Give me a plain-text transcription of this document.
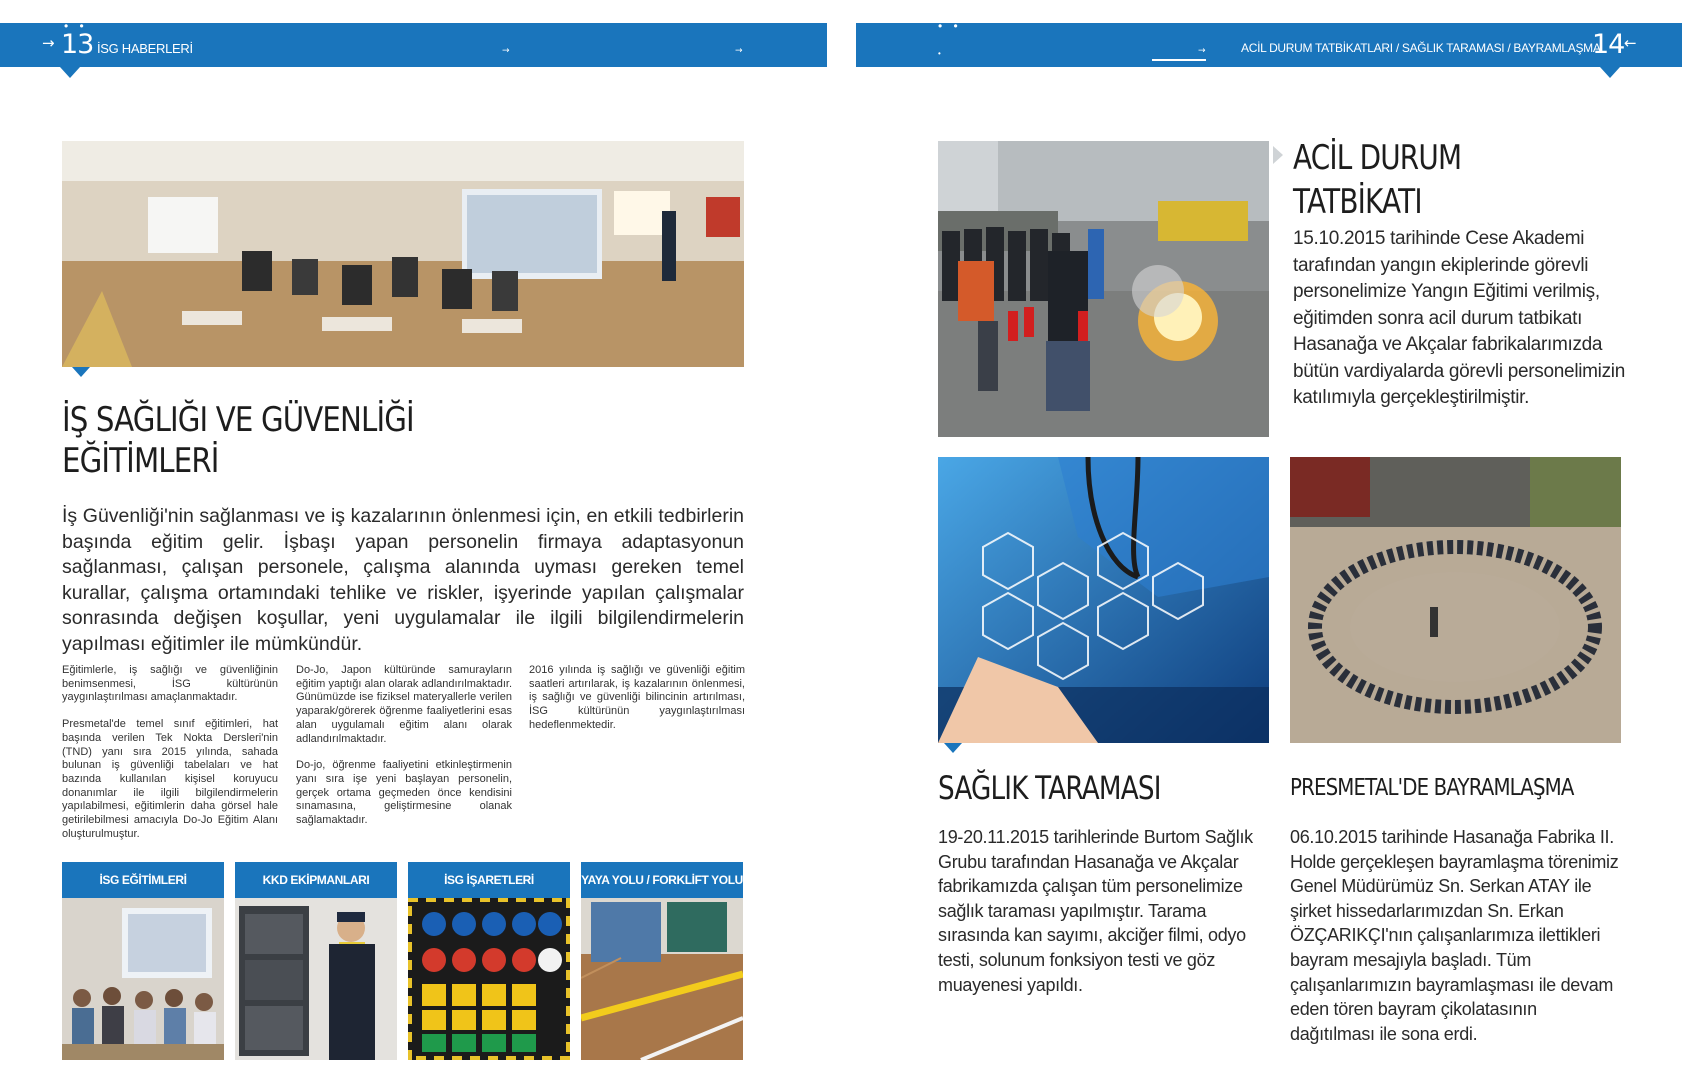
→
• •
13 İSG HABERLERİ	→	→
• •
•	→	ACİL DURUM TATBİKATLARI / SAĞLIK TARAMASI / BAYRAMLAŞMA
14 ←
İŞ SAĞLIĞI VE GÜVENLİĞİ
EĞİTİMLERİ

İş Güvenliği'nin sağlanması ve iş kazalarının önlenmesi için, en etkili tedbirlerin başında eğitim gelir. İşbaşı yapan personelin firmaya adaptasyonun sağlanması, çalışan personele, çalışma alanında uyması gereken temel kurallar, çalışma ortamındaki tehlike ve riskler, işyerinde yapılan çalışmalar sonrasında değişen koşullar, yeni uygulamalar ile ilgili bilgilendirmelerin yapılması eğitimler ile mümkündür.

Eğitimlerle, iş sağlığı ve güvenliğinin benimsenmesi, İSG kültürünün yaygınlaştırılması amaçlanmaktadır.

Presmetal'de temel sınıf eğitimleri, hat başında verilen Tek Nokta Dersleri'nin (TND) yanı sıra 2015 yılında, sahada bulunan iş güvenliği tabelaları ve hat bazında kullanılan kişisel koruyucu donanımlar ile ilgili bilgilendirmelerin yapılabilmesi, eğitimlerin daha görsel hale getirilebilmesi amacıyla Do-Jo Eğitim Alanı oluşturulmuştur.

Do-Jo, Japon kültüründe samurayların eğitim yaptığı alan olarak adlandırılmaktadır. Günümüzde ise fiziksel materyallerle verilen yaparak/görerek öğrenme faaliyetlerini esas alan uygulamalı eğitim alanı olarak adlandırılmaktadır.

Do-jo, öğrenme faaliyetini etkinleştirmenin yanı sıra işe yeni başlayan personelin, gerçek ortama geçmeden önce kendisini sınamasına, geliştirmesine olanak sağlamaktadır.

2016 yılında iş sağlığı ve güvenliği eğitim saatleri artırılarak, iş kazalarının önlenmesi, iş sağlığı ve güvenliği bilincinin artırılması, İSG kültürünün yaygınlaştırılması hedeflenmektedir.

İSG EĞİTİMLERİ	KKD EKİPMANLARI	İSG İŞARETLERİ	YAYA YOLU / FORKLİFT YOLU
ACİL DURUM
TATBİKATI

15.10.2015 tarihinde Cese Akademi tarafından yangın ekiplerinde görevli personelimize Yangın Eğitimi verilmiş, eğitimden sonra acil durum tatbikatı Hasanağa ve Akçalar fabrikalarımızda bütün vardiyalarda görevli personelimizin katılımıyla gerçekleştirilmiştir.

SAĞLIK TARAMASI

19-20.11.2015 tarihlerinde Burtom Sağlık Grubu tarafından Hasanağa ve Akçalar fabrikamızda çalışan tüm personelimize sağlık taraması yapılmıştır. Tarama sırasında kan sayımı, akciğer filmi, odyo testi, solunum fonksiyon testi ve göz muayenesi yapıldı.

PRESMETAL'DE BAYRAMLAŞMA

06.10.2015 tarihinde Hasanağa Fabrika II. Holde gerçekleşen bayramlaşma törenimiz Genel Müdürümüz Sn. Serkan ATAY ile şirket hissedarlarımızdan Sn. Erkan ÖZÇARIKÇI'nın çalışanlarımıza ilettikleri bayram mesajıyla başladı. Tüm çalışanlarımızın bayramlaşması ile devam eden tören bayram çikolatasının dağıtılması ile sona erdi.
